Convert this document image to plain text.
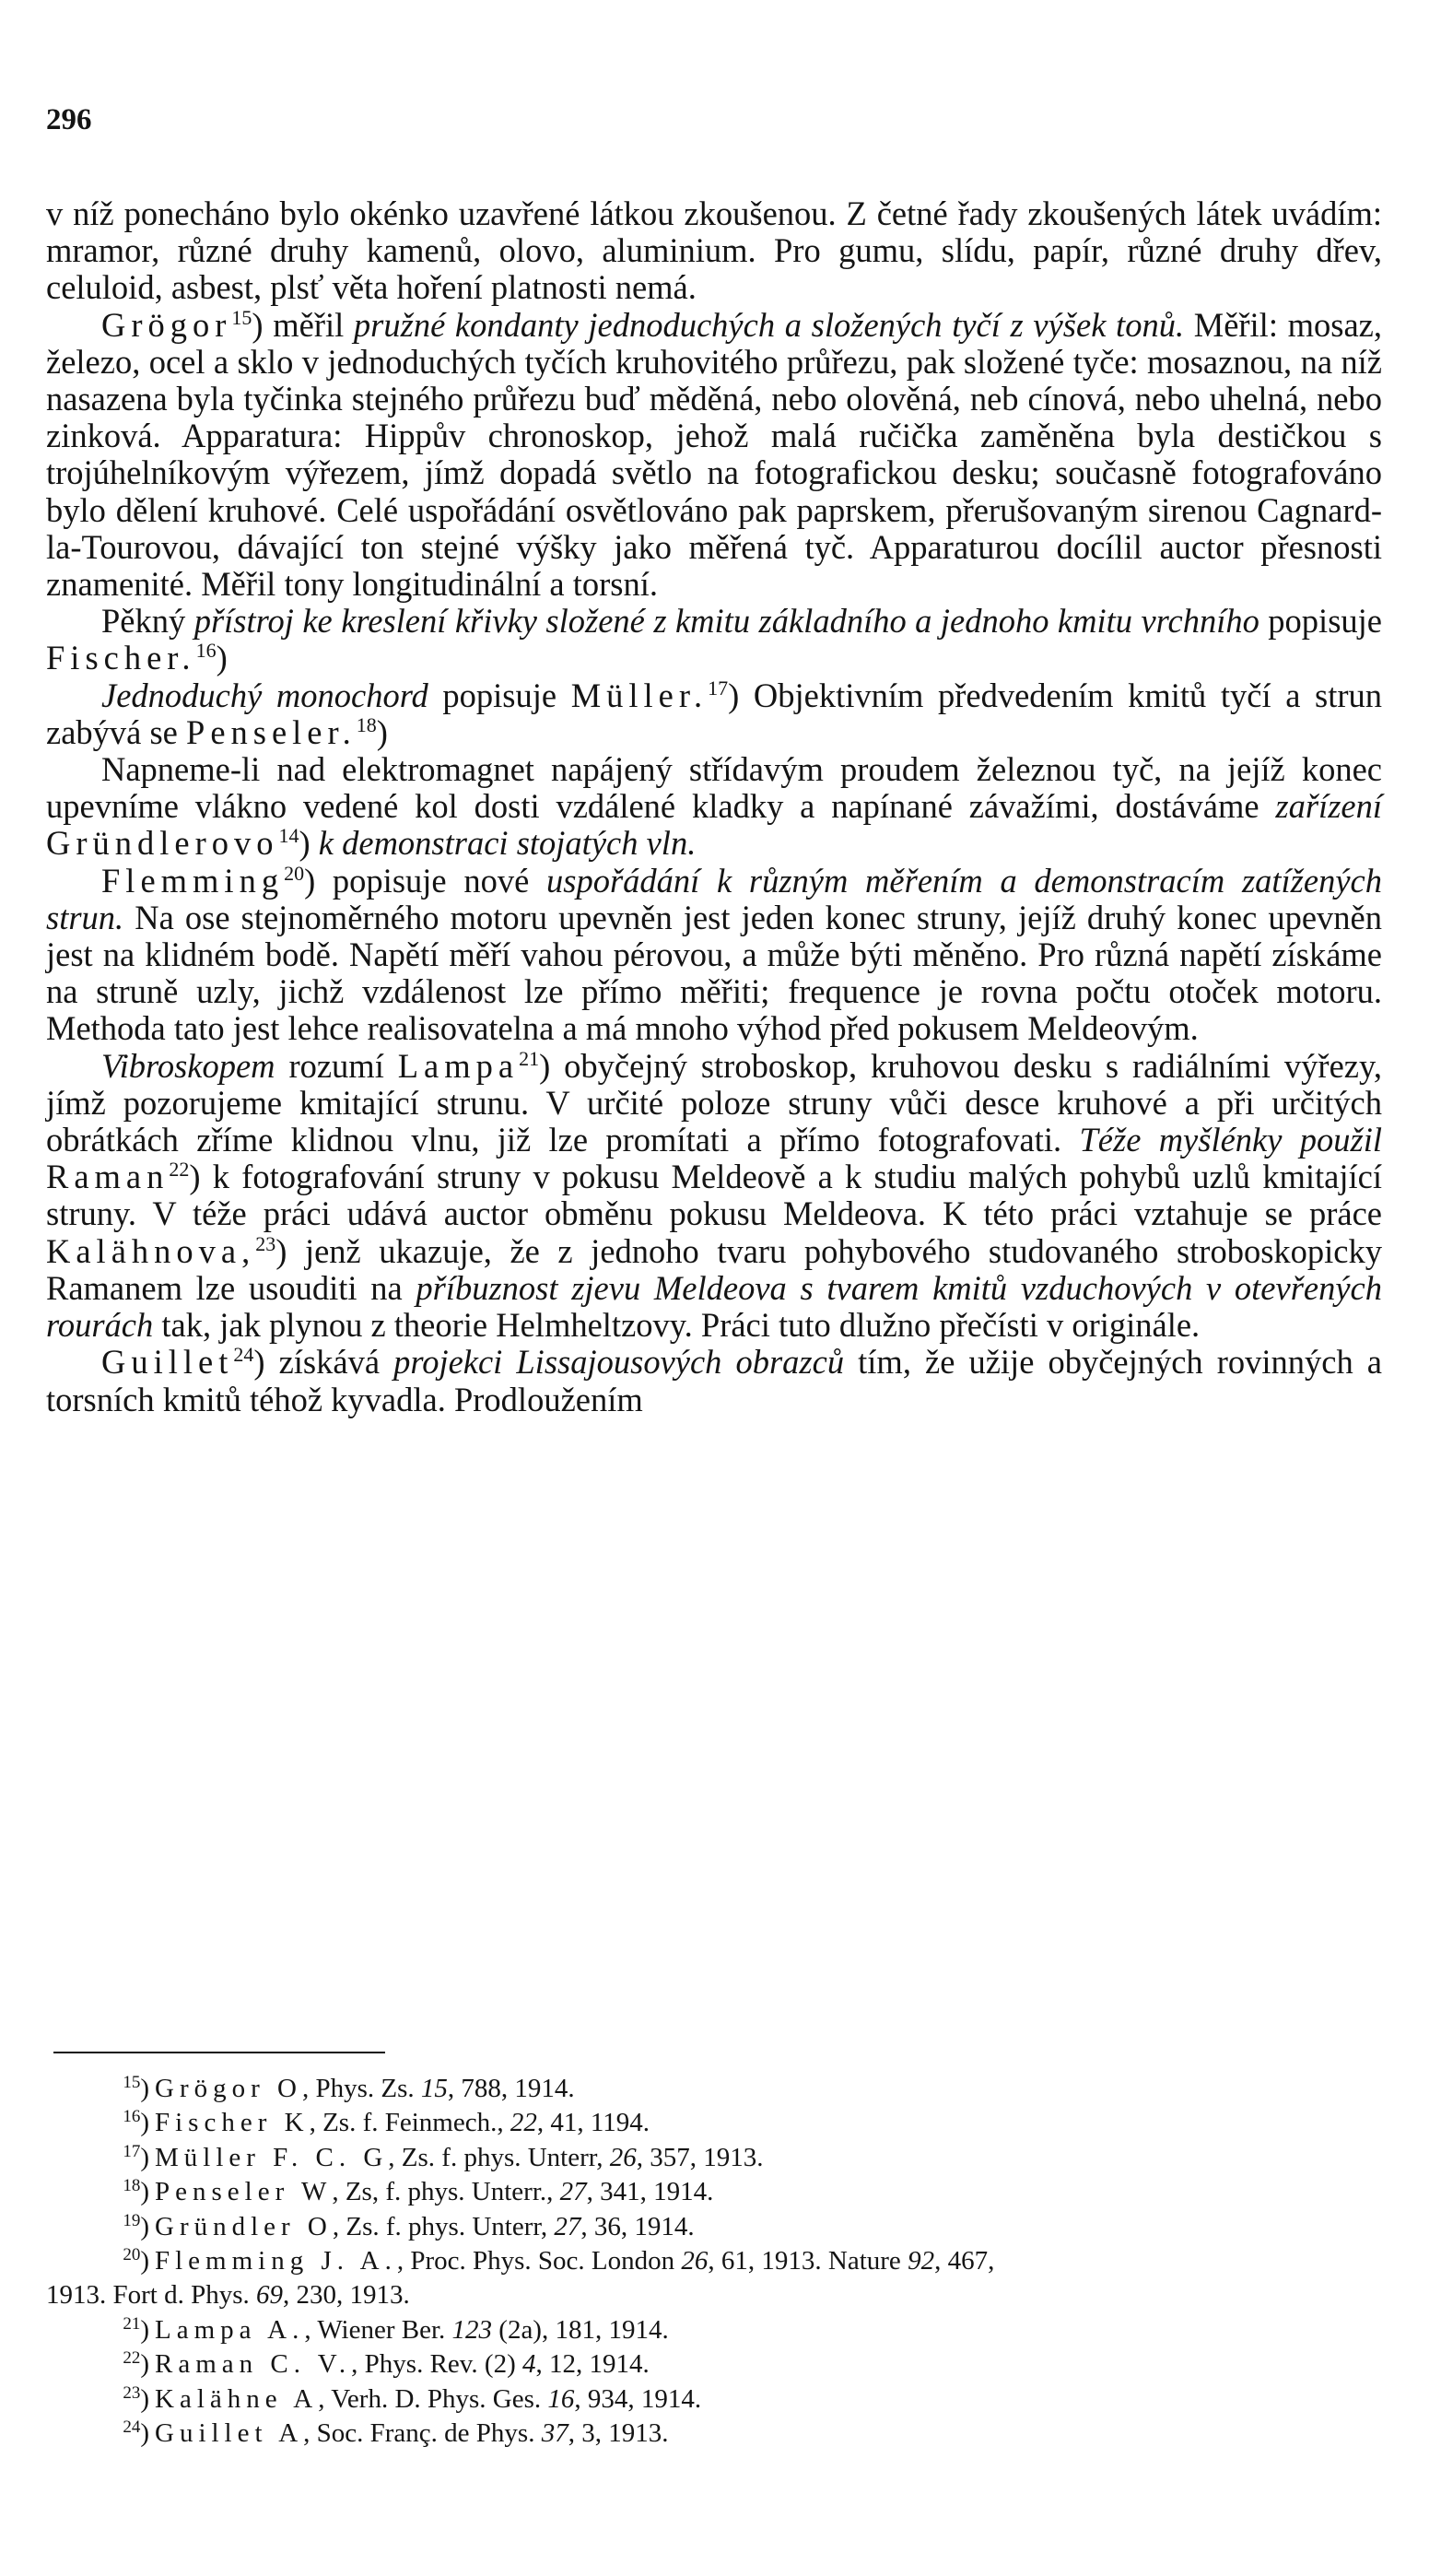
296

v níž ponecháno bylo okénko uzavřené látkou zkoušenou. Z četné řady zkoušených látek uvádím: mramor, různé druhy kamenů, olovo, aluminium. Pro gumu, slídu, papír, různé druhy dřev, celuloid, asbest, plsť věta hoření platnosti nemá.

Grögor$^{15}$) měřil pružné kondanty jednoduchých a složených tyčí z výšek tonů. Měřil: mosaz, železo, ocel a sklo v jednoduchých tyčích kruhovitého průřezu, pak složené tyče: mosaznou, na níž nasazena byla tyčinka stejného průřezu buď měděná, nebo olověná, neb cínová, nebo uhelná, nebo zinková. Apparatura: Hippův chronoskop, jehož malá ručička zaměněna byla destičkou s trojúhelníkovým výřezem, jímž dopadá světlo na fotografickou desku; současně fotografováno bylo dělení kruhové. Celé uspořádání osvětlováno pak paprskem, přerušovaným sirenou Cagnard-la-Tourovou, dávající ton stejné výšky jako měřená tyč. Apparaturou docílil auctor přesnosti znamenité. Měřil tony longitudinální a torsní.

Pěkný přístroj ke kreslení křivky složené z kmitu základního a jednoho kmitu vrchního popisuje Fischer.$^{16}$)

Jednoduchý monochord popisuje Müller.$^{17}$) Objektivním předvedením kmitů tyčí a strun zabývá se Penseler.$^{18}$)

Napneme-li nad elektromagnet napájený střídavým proudem železnou tyč, na jejíž konec upevníme vlákno vedené kol dosti vzdálené kladky a napínané závažími, dostáváme zařízení Gründlerovo$^{14}$) k demonstraci stojatých vln.

Flemming$^{20}$) popisuje nové uspořádání k různým měřením a demonstracím zatížených strun. Na ose stejnoměrného motoru upevněn jest jeden konec struny, jejíž druhý konec upevněn jest na klidném bodě. Napětí měří vahou pérovou, a může býti měněno. Pro různá napětí získáme na struně uzly, jichž vzdálenost lze přímo měřiti; frequence je rovna počtu otoček motoru. Methoda tato jest lehce realisovatelna a má mnoho výhod před pokusem Meldeovým.

Vibroskopem rozumí Lampa$^{21}$) obyčejný stroboskop, kruhovou desku s radiálními výřezy, jímž pozorujeme kmitající strunu. V určité poloze struny vůči desce kruhové a při určitých obrátkách zříme klidnou vlnu, již lze promítati a přímo fotografovati. Téže myšlénky použil Raman$^{22}$) k fotografování struny v pokusu Meldeově a k studiu malých pohybů uzlů kmitající struny. V téže práci udává auctor obměnu pokusu Meldeova. K této práci vztahuje se práce Kalähnova,$^{23}$) jenž ukazuje, že z jednoho tvaru pohybového studovaného stroboskopicky Ramanem lze usouditi na příbuznost zjevu Meldeova s tvarem kmitů vzduchových v otevřených rourách tak, jak plynou z theorie Helmheltzovy. Práci tuto dlužno přečísti v originále.

Guillet$^{24}$) získává projekci Lissajousových obrazců tím, že užije obyčejných rovinných a torsních kmitů téhož kyvadla. Prodloužením

$^{15}$) Grögor O, Phys. Zs. 15, 788, 1914.
$^{16}$) Fischer K, Zs. f. Feinmech., 22, 41, 1194.
$^{17}$) Müller F. C. G, Zs. f. phys. Unterr, 26, 357, 1913.
$^{18}$) Penseler W, Zs, f. phys. Unterr., 27, 341, 1914.
$^{19}$) Gründler O, Zs. f. phys. Unterr, 27, 36, 1914.
$^{20}$) Flemming J. A., Proc. Phys. Soc. London 26, 61, 1913. Nature 92, 467,
1913. Fort d. Phys. 69, 230, 1913.
$^{21}$) Lampa A., Wiener Ber. 123 (2a), 181, 1914.
$^{22}$) Raman C. V., Phys. Rev. (2) 4, 12, 1914.
$^{23}$) Kalähne A, Verh. D. Phys. Ges. 16, 934, 1914.
$^{24}$) Guillet A, Soc. Franç. de Phys. 37, 3, 1913.
